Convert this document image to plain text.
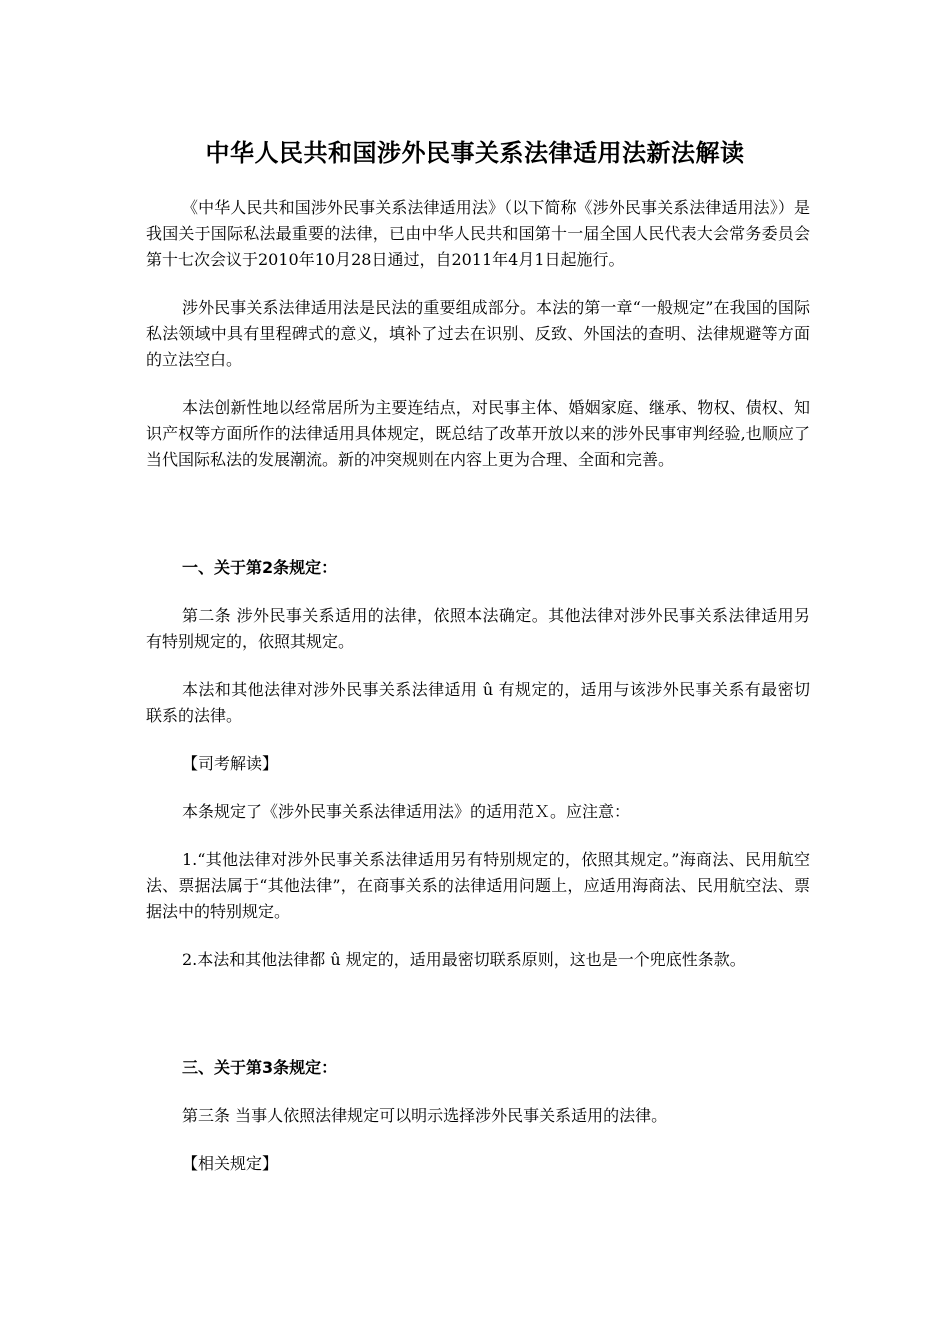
中华人民共和国涉外民事关系法律适用法新法解读

《中华人民共和国涉外民事关系法律适用法》（以下简称《涉外民事关系法律适用法》）是我国关于国际私法最重要的法律，已由中华人民共和国第十一届全国人民代表大会常务委员会第十七次会议于2010年10月28日通过，自2011年4月1日起施行。

涉外民事关系法律适用法是民法的重要组成部分。本法的第一章“一般规定”在我国的国际私法领域中具有里程碑式的意义，填补了过去在识别、反致、外国法的查明、法律规避等方面的立法空白。

本法创新性地以经常居所为主要连结点，对民事主体、婚姻家庭、继承、物权、债权、知识产权等方面所作的法律适用具体规定，既总结了改革开放以来的涉外民事审判经验,也顺应了当代国际私法的发展潮流。新的冲突规则在内容上更为合理、全面和完善。

一、关于第2条规定：

第二条 涉外民事关系适用的法律，依照本法确定。其他法律对涉外民事关系法律适用另有特别规定的，依照其规定。

本法和其他法律对涉外民事关系法律适用 û 有规定的，适用与该涉外民事关系有最密切联系的法律。

【司考解读】

本条规定了《涉外民事关系法律适用法》的适用范Ｘ。应注意：

1.“其他法律对涉外民事关系法律适用另有特别规定的，依照其规定。”海商法、民用航空法、票据法属于“其他法律”，在商事关系的法律适用问题上，应适用海商法、民用航空法、票据法中的特别规定。

2.本法和其他法律都 û 规定的，适用最密切联系原则，这也是一个兜底性条款。

三、关于第3条规定：

第三条 当事人依照法律规定可以明示选择涉外民事关系适用的法律。

【相关规定】
